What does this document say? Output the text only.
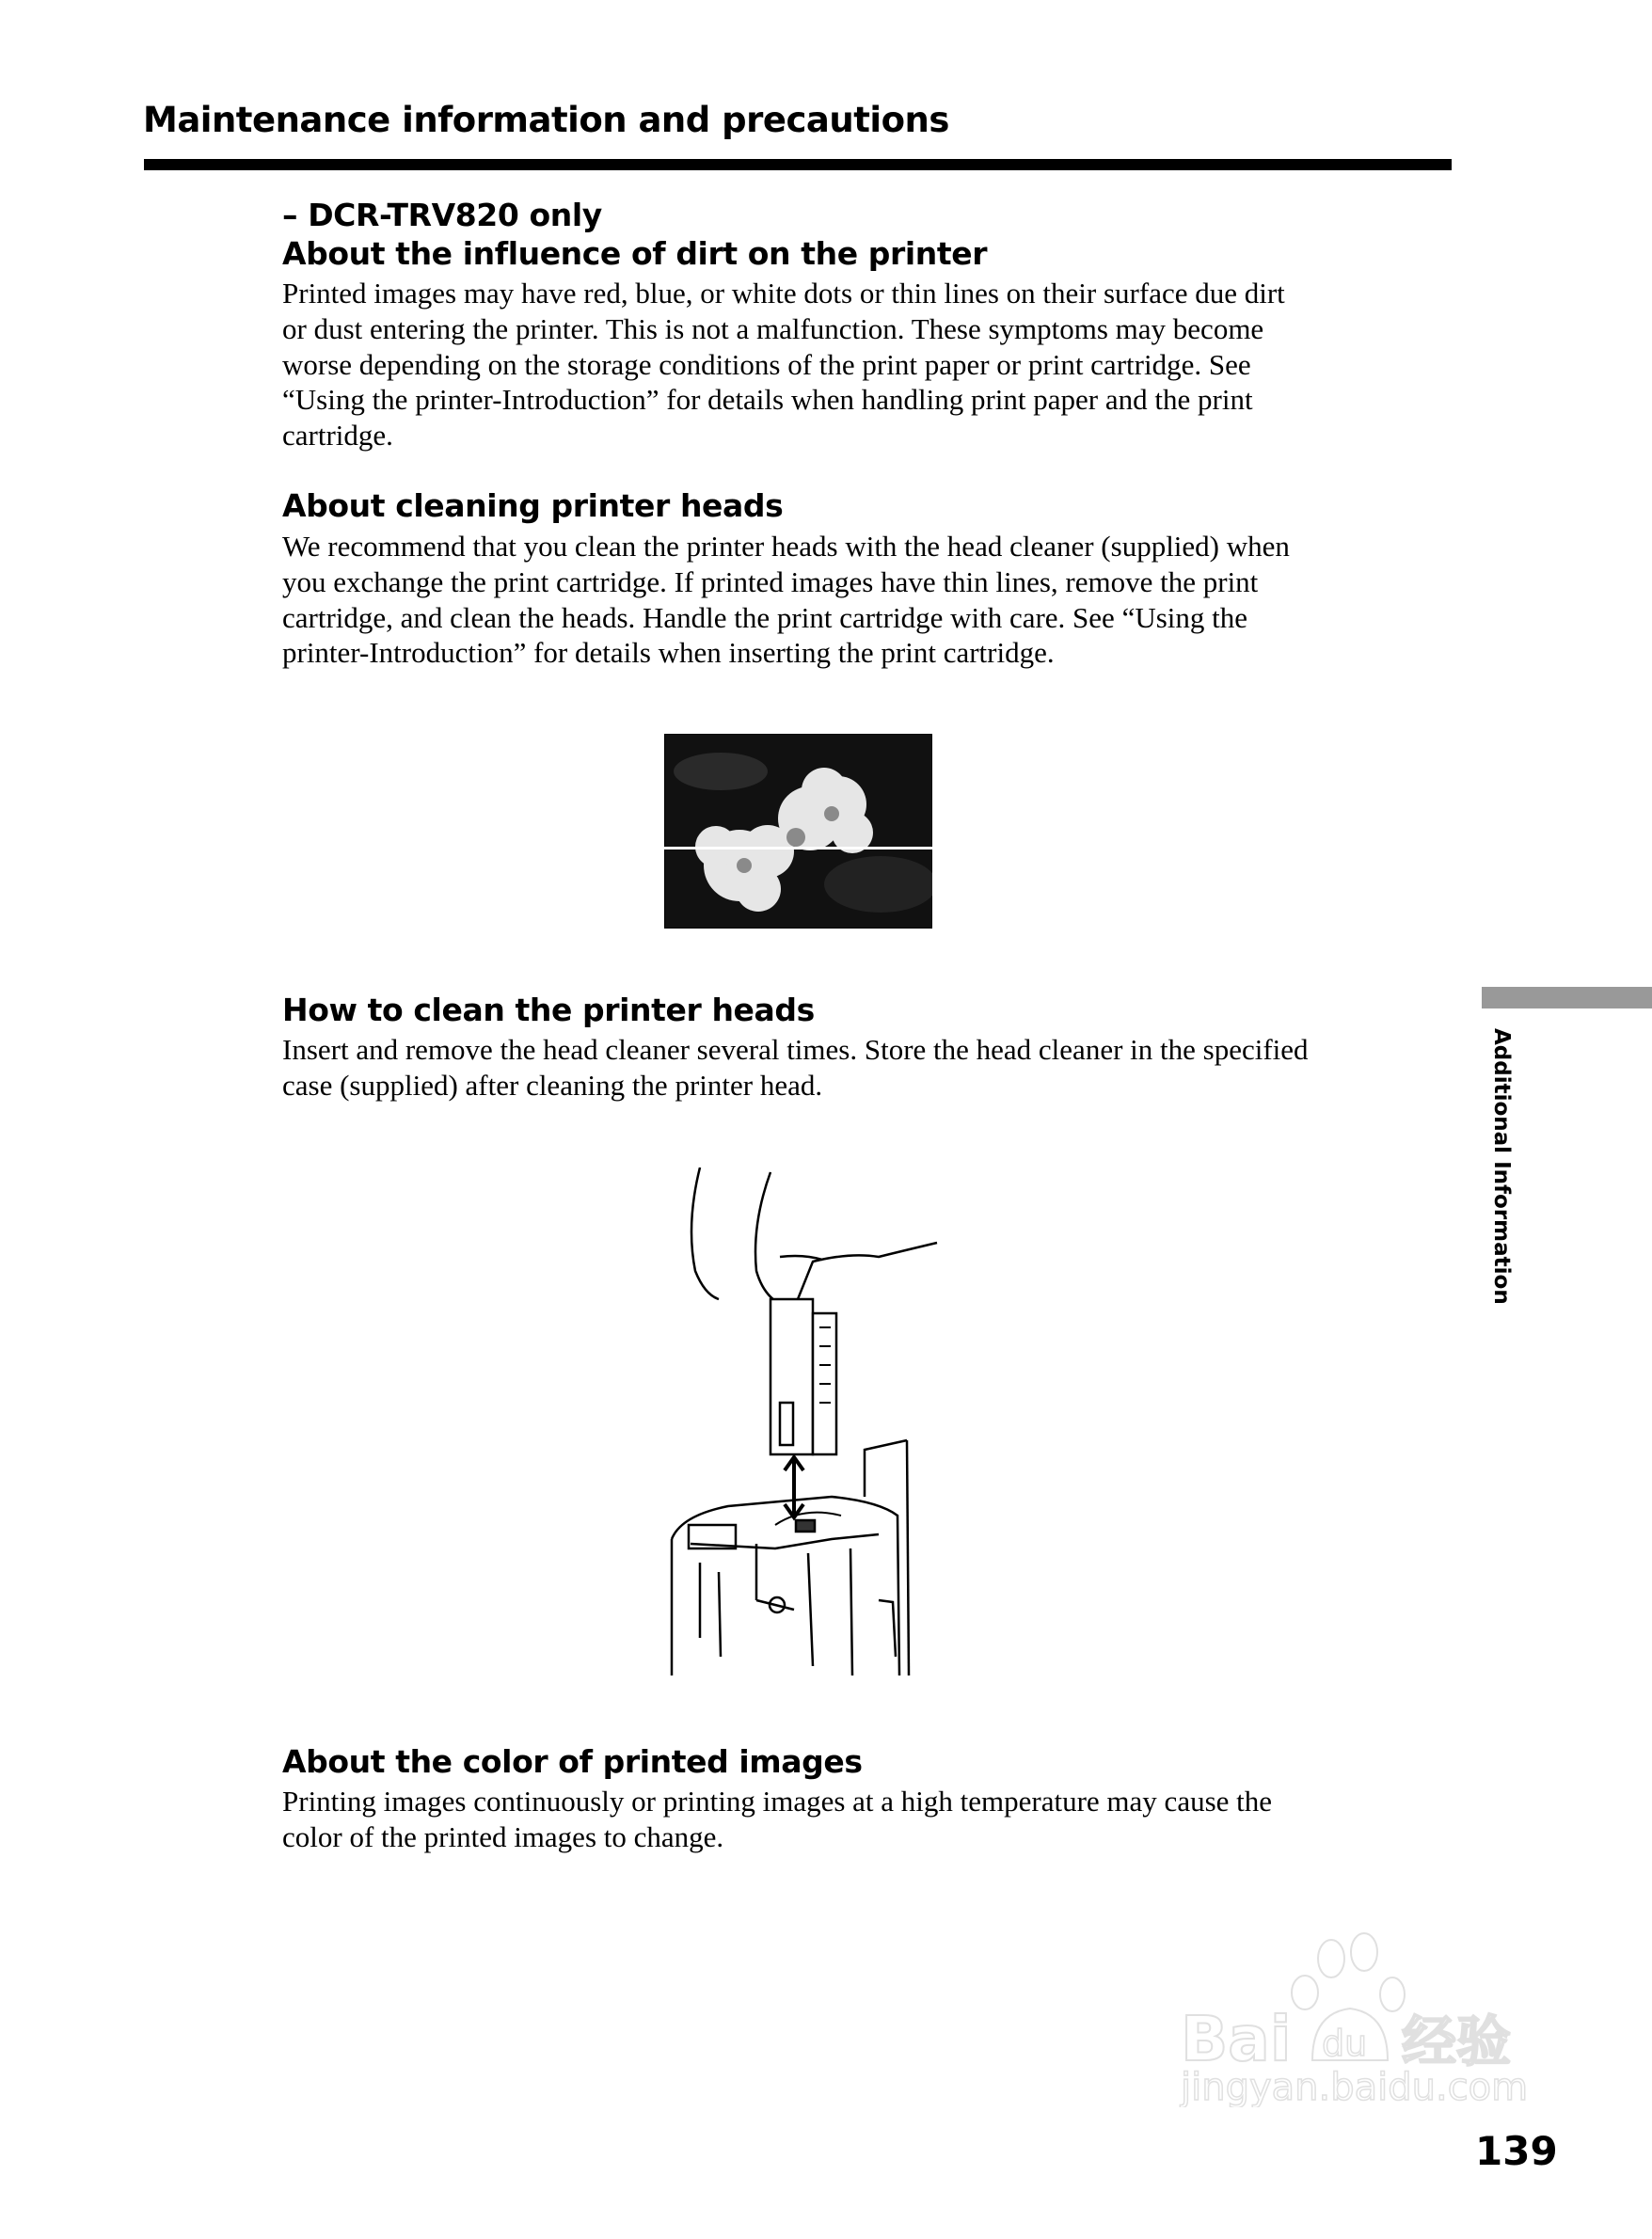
Maintenance information and precautions
– DCR-TRV820 only
About the influence of dirt on the printer
Printed images may have red, blue, or white dots or thin lines on their surface due dirt
or dust entering the printer. This is not a malfunction. These symptoms may become
worse depending on the storage conditions of the print paper or print cartridge. See
“Using the printer-Introduction” for details when handling print paper and the print
cartridge.
About cleaning printer heads
We recommend that you clean the printer heads with the head cleaner (supplied) when
you exchange the print cartridge. If printed images have thin lines, remove the print
cartridge, and clean the heads. Handle the print cartridge with care. See “Using the
printer-Introduction” for details when inserting the print cartridge.
How to clean the printer heads
Insert and remove the head cleaner several times. Store the head cleaner in the specified
case (supplied) after cleaning the printer head.
About the color of printed images
Printing images continuously or printing images at a high temperature may cause the
color of the printed images to change.
Additional Information
Bai du 经验
jingyan.baidu.com
139
